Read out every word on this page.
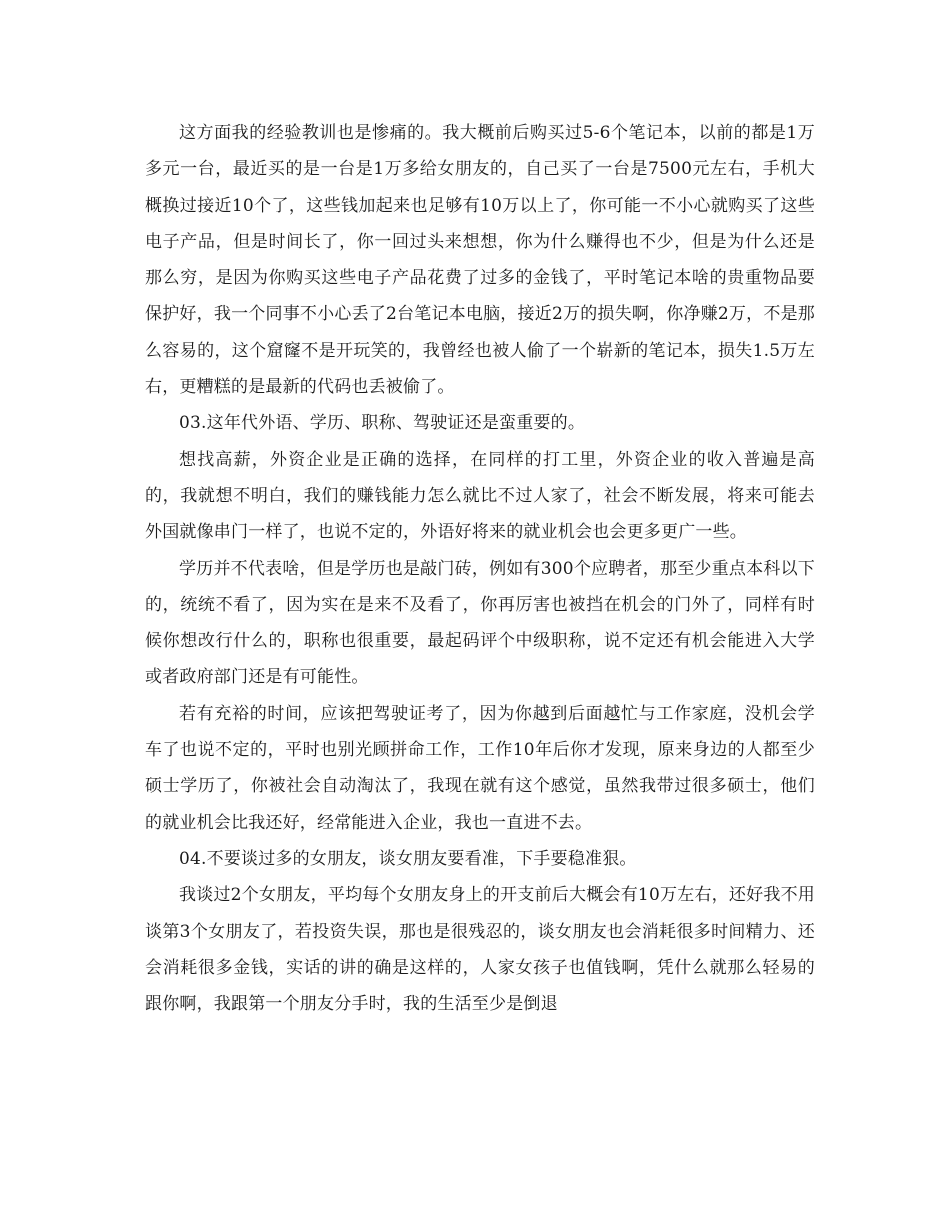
这方面我的经验教训也是惨痛的。我大概前后购买过5-6个笔记本，以前的都是1万多元一台，最近买的是一台是1万多给女朋友的，自己买了一台是7500元左右，手机大概换过接近10个了，这些钱加起来也足够有10万以上了，你可能一不小心就购买了这些电子产品，但是时间长了，你一回过头来想想，你为什么赚得也不少，但是为什么还是那么穷，是因为你购买这些电子产品花费了过多的金钱了，平时笔记本啥的贵重物品要保护好，我一个同事不小心丢了2台笔记本电脑，接近2万的损失啊，你净赚2万，不是那么容易的，这个窟窿不是开玩笑的，我曾经也被人偷了一个崭新的笔记本，损失1.5万左右，更糟糕的是最新的代码也丢被偷了。

03.这年代外语、学历、职称、驾驶证还是蛮重要的。

想找高薪，外资企业是正确的选择，在同样的打工里，外资企业的收入普遍是高的，我就想不明白，我们的赚钱能力怎么就比不过人家了，社会不断发展，将来可能去外国就像串门一样了，也说不定的，外语好将来的就业机会也会更多更广一些。

学历并不代表啥，但是学历也是敲门砖，例如有300个应聘者，那至少重点本科以下的，统统不看了，因为实在是来不及看了，你再厉害也被挡在机会的门外了，同样有时候你想改行什么的，职称也很重要，最起码评个中级职称，说不定还有机会能进入大学或者政府部门还是有可能性。

若有充裕的时间，应该把驾驶证考了，因为你越到后面越忙与工作家庭，没机会学车了也说不定的，平时也别光顾拼命工作，工作10年后你才发现，原来身边的人都至少硕士学历了，你被社会自动淘汰了，我现在就有这个感觉，虽然我带过很多硕士，他们的就业机会比我还好，经常能进入企业，我也一直进不去。

04.不要谈过多的女朋友，谈女朋友要看准，下手要稳准狠。

我谈过2个女朋友，平均每个女朋友身上的开支前后大概会有10万左右，还好我不用谈第3个女朋友了，若投资失误，那也是很残忍的，谈女朋友也会消耗很多时间精力、还会消耗很多金钱，实话的讲的确是这样的，人家女孩子也值钱啊，凭什么就那么轻易的跟你啊，我跟第一个朋友分手时，我的生活至少是倒退
